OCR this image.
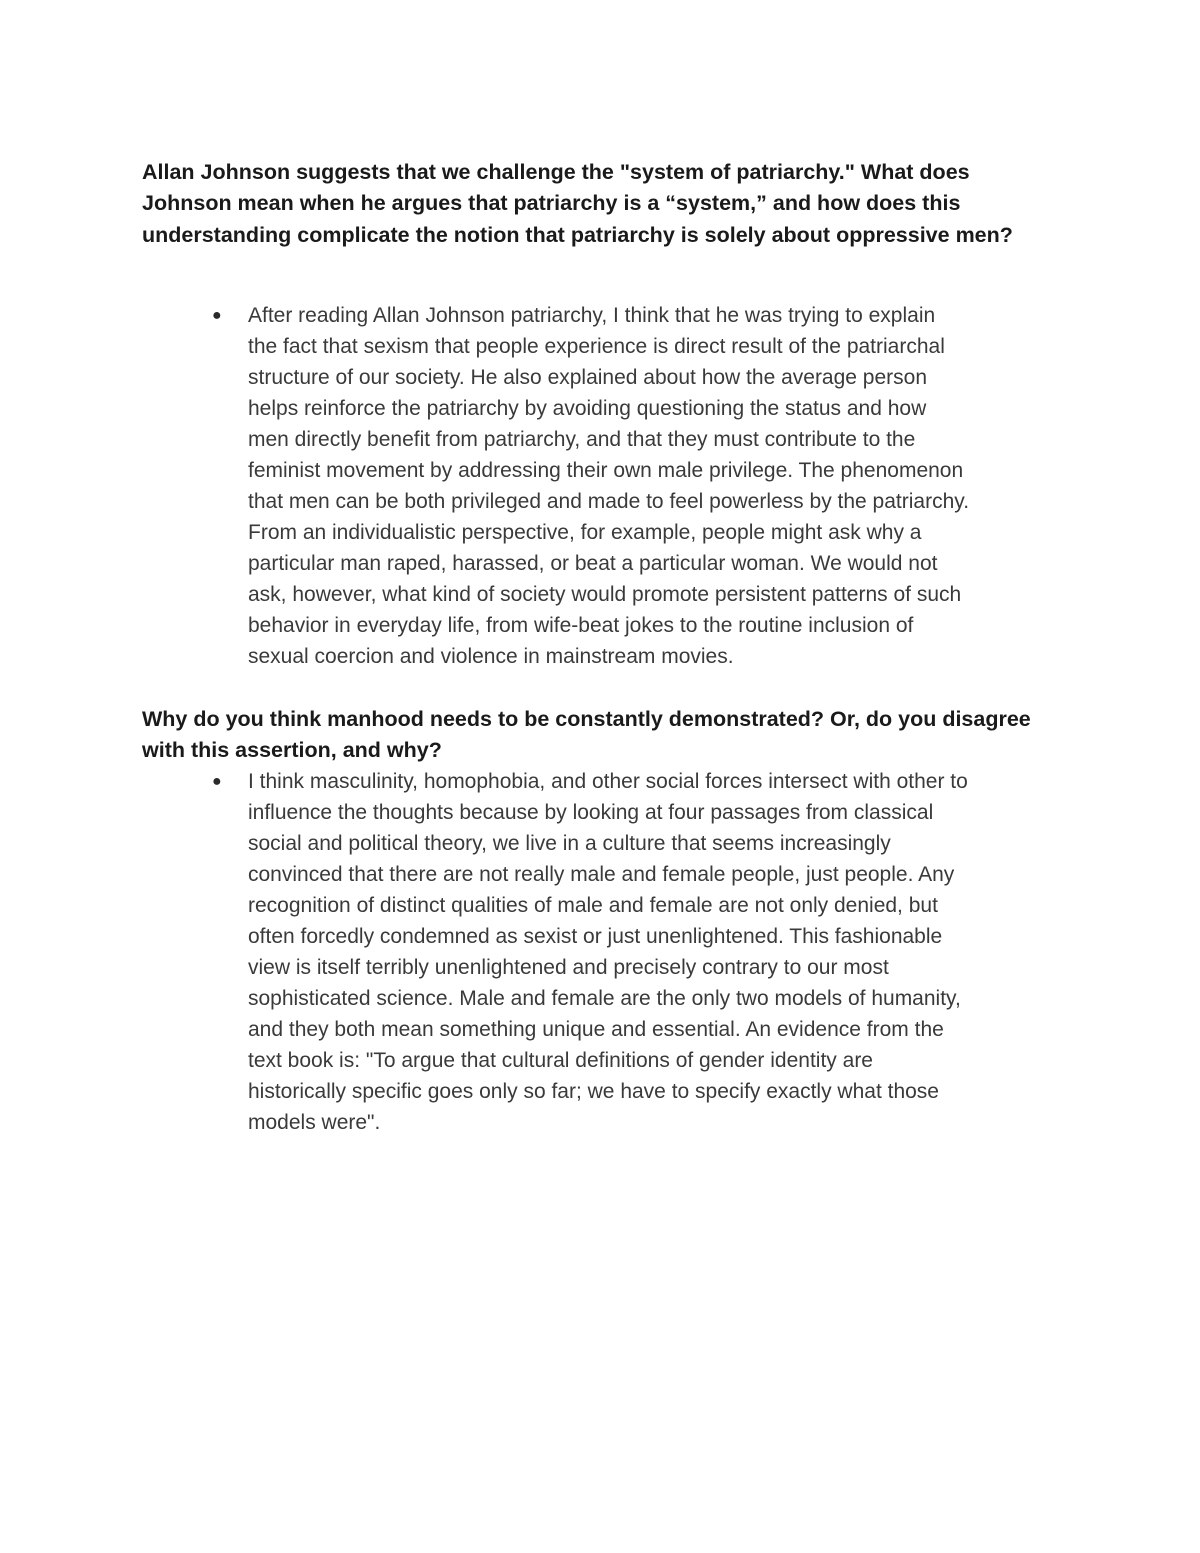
Allan Johnson suggests that we challenge the "system of patriarchy." What does Johnson mean when he argues that patriarchy is a “system,” and how does this understanding complicate the notion that patriarchy is solely about oppressive men?

● After reading Allan Johnson patriarchy, I think that he was trying to explain
the fact that sexism that people experience is direct result of the patriarchal
structure of our society. He also explained about how the average person
helps reinforce the patriarchy by avoiding questioning the status and how
men directly benefit from patriarchy, and that they must contribute to the
feminist movement by addressing their own male privilege. The phenomenon
that men can be both privileged and made to feel powerless by the patriarchy.
From an individualistic perspective, for example, people might ask why a
particular man raped, harassed, or beat a particular woman. We would not
ask, however, what kind of society would promote persistent patterns of such
behavior in everyday life, from wife-beat jokes to the routine inclusion of
sexual coercion and violence in mainstream movies.

Why do you think manhood needs to be constantly demonstrated? Or, do you disagree with this assertion, and why?

● I think masculinity, homophobia, and other social forces intersect with other to
influence the thoughts because by looking at four passages from classical
social and political theory, we live in a culture that seems increasingly
convinced that there are not really male and female people, just people. Any
recognition of distinct qualities of male and female are not only denied, but
often forcedly condemned as sexist or just unenlightened. This fashionable
view is itself terribly unenlightened and precisely contrary to our most
sophisticated science. Male and female are the only two models of humanity,
and they both mean something unique and essential. An evidence from the
text book is: "To argue that cultural definitions of gender identity are
historically specific goes only so far; we have to specify exactly what those
models were".
